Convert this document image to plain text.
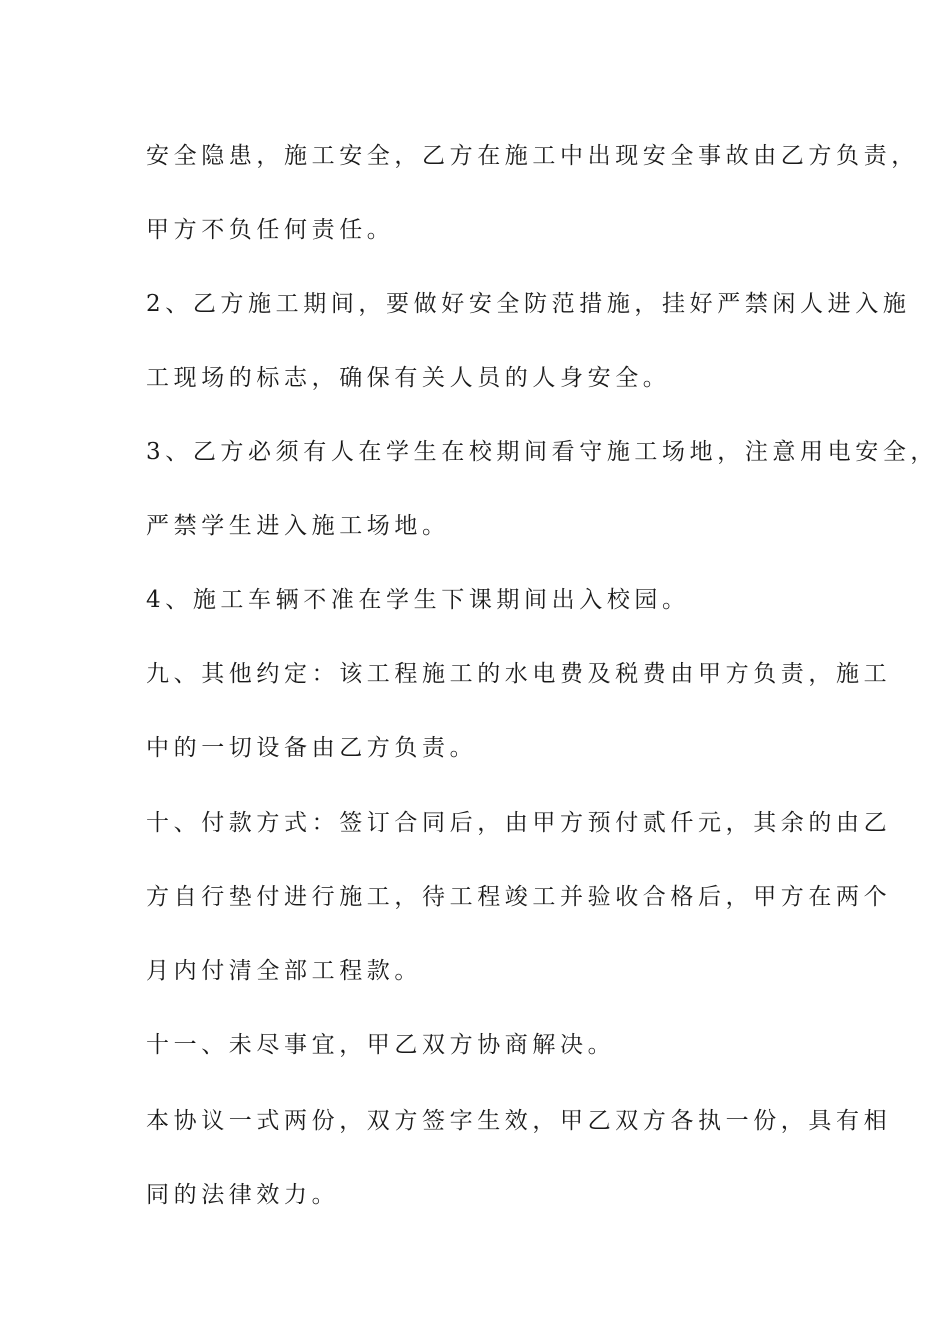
安全隐患，施工安全，乙方在施工中出现安全事故由乙方负责，
甲方不负任何责任。
2、乙方施工期间，要做好安全防范措施，挂好严禁闲人进入施
工现场的标志，确保有关人员的人身安全。
3、乙方必须有人在学生在校期间看守施工场地，注意用电安全，
严禁学生进入施工场地。
4、施工车辆不准在学生下课期间出入校园。
九、其他约定：该工程施工的水电费及税费由甲方负责，施工
中的一切设备由乙方负责。
十、付款方式：签订合同后，由甲方预付贰仟元，其余的由乙
方自行垫付进行施工，待工程竣工并验收合格后，甲方在两个
月内付清全部工程款。
十一、未尽事宜，甲乙双方协商解决。
本协议一式两份，双方签字生效，甲乙双方各执一份，具有相
同的法律效力。
